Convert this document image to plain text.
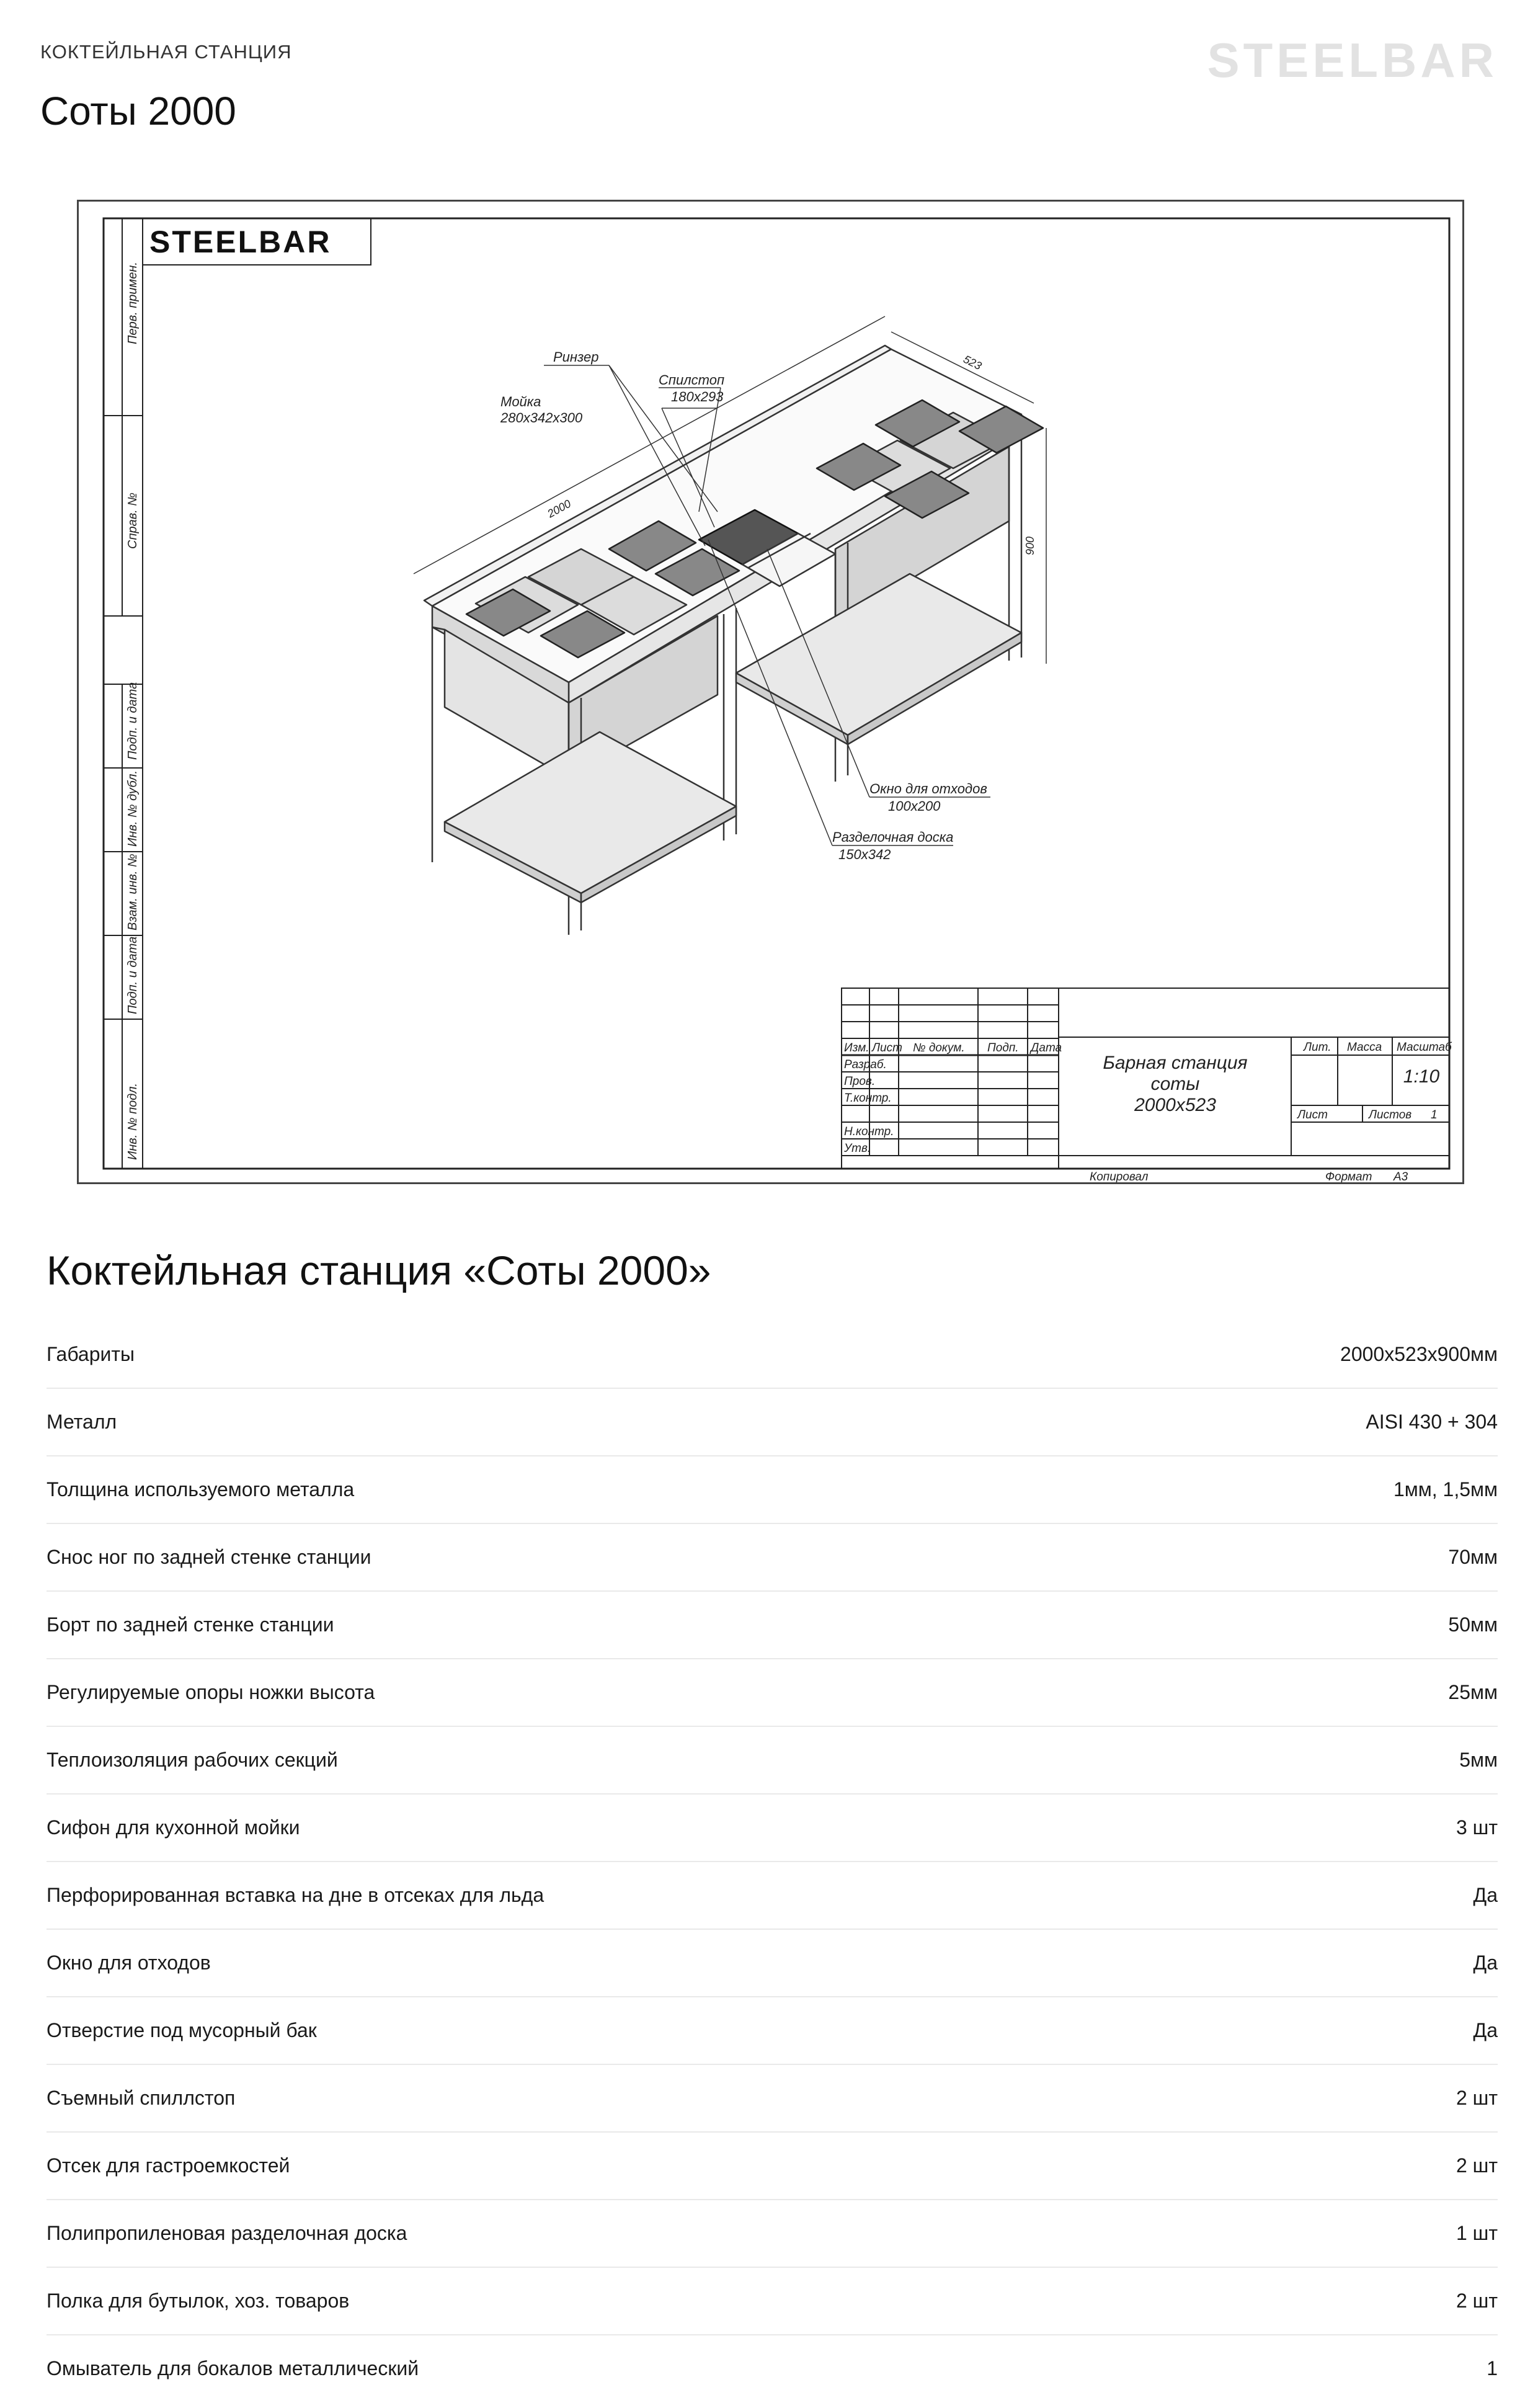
КОКТЕЙЛЬНАЯ СТАНЦИЯ	STEELBAR
Соты 2000
Перв. примен.
Справ. №
Подп. и дата
Инв. № дубл.
Взам. инв. №
Подп. и дата
Инв. № подл.
STEELBAR
2000
523
900
Ринзер
Спилстоп
180x293
Мойка
280x342x300
Окно для отходов
100x200
Разделочная доска
150x342
Изм. Лист № докум. Подп. Дата
Разраб.
Пров.
Т.контр.
Н.контр.
Утв.
Лит. Масса Масштаб
Лист	Листов 1
Копировал	Формат А3
Барная станция
соты
2000x523
1:10
Коктейльная станция «Соты 2000»
Габариты	2000x523x900мм
Металл	AISI 430 + 304
Толщина используемого металла	1мм, 1,5мм
Снос ног по задней стенке станции	70мм
Борт по задней стенке станции	50мм
Регулируемые опоры ножки высота	25мм
Теплоизоляция рабочих секций	5мм
Сифон для кухонной мойки	3 шт
Перфорированная вставка на дне в отсеках для льда	Да
Окно для отходов	Да
Отверстие под мусорный бак	Да
Съемный спиллстоп	2 шт
Отсек для гастроемкостей	2 шт
Полипропиленовая разделочная доска	1 шт
Полка для бутылок, хоз. товаров	2 шт
Омыватель для бокалов металлический	1
